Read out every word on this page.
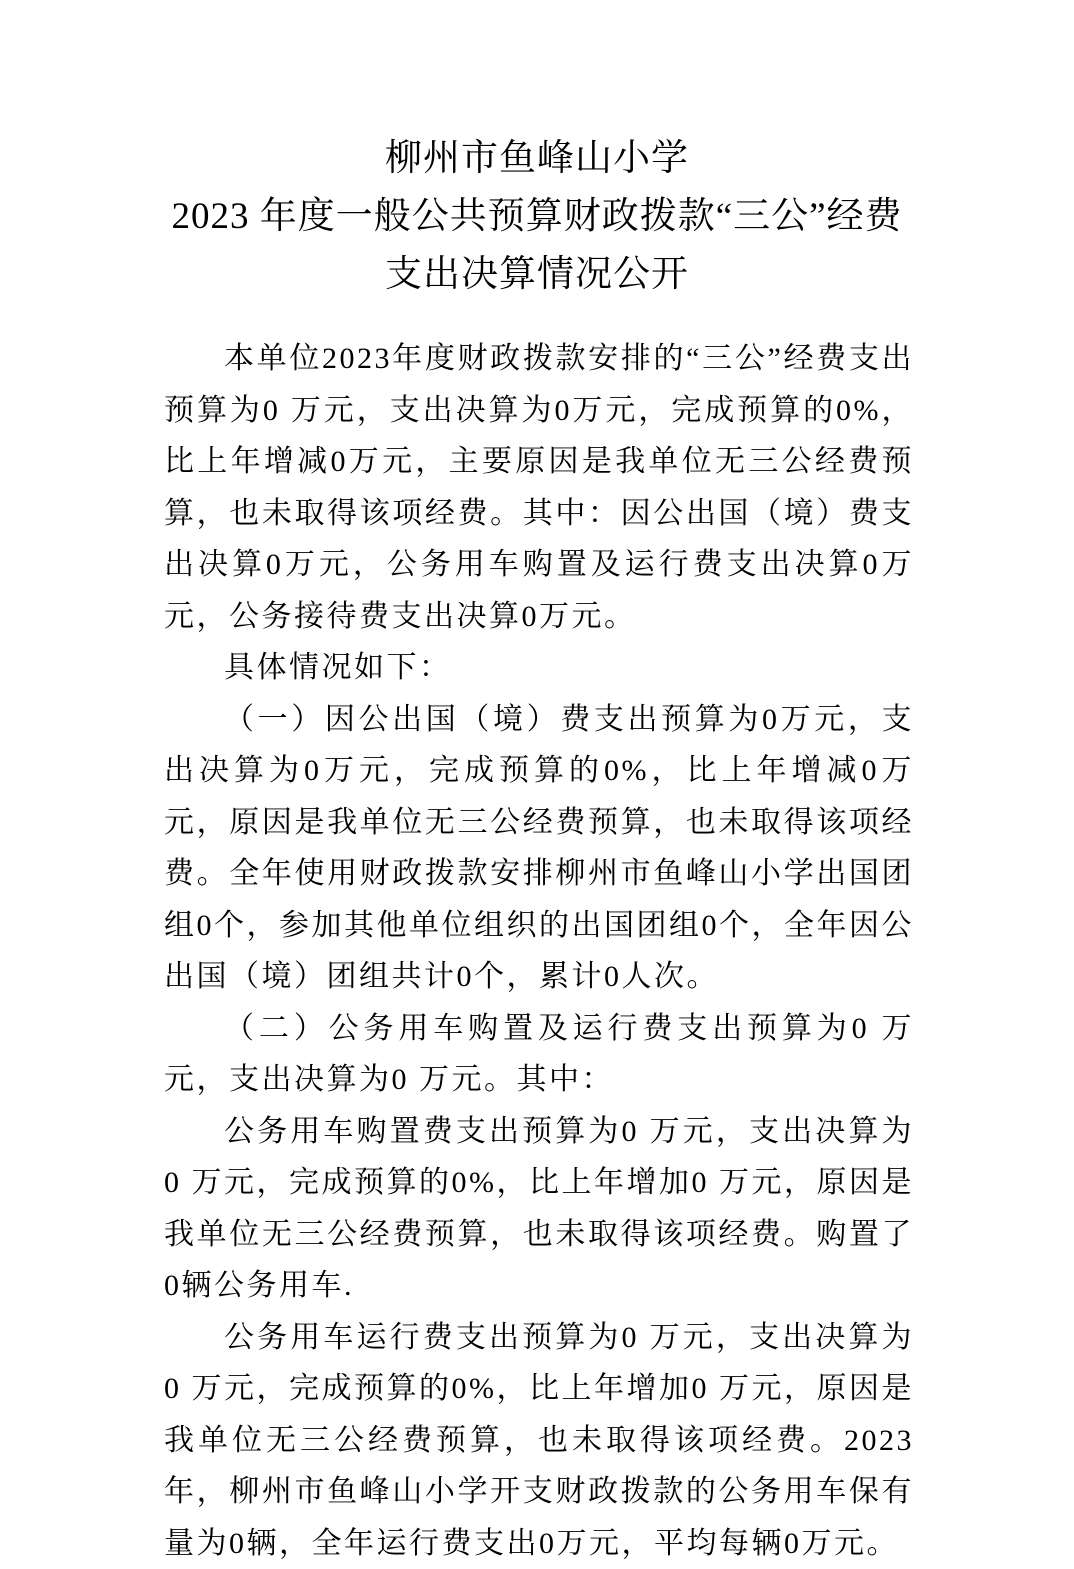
柳州市鱼峰山小学
2023 年度一般公共预算财政拨款“三公”经费
支出决算情况公开

本单位2023年度财政拨款安排的“三公”经费支出预算为0 万元，支出决算为0万元，完成预算的0%，比上年增减0万元，主要原因是我单位无三公经费预算，也未取得该项经费。其中：因公出国（境）费支出决算0万元，公务用车购置及运行费支出决算0万元，公务接待费支出决算0万元。

具体情况如下：

（一）因公出国（境）费支出预算为0万元，支出决算为0万元，完成预算的0%，比上年增减0万元，原因是我单位无三公经费预算，也未取得该项经费。全年使用财政拨款安排柳州市鱼峰山小学出国团组0个，参加其他单位组织的出国团组0个，全年因公出国（境）团组共计0个，累计0人次。

（二）公务用车购置及运行费支出预算为0 万元，支出决算为0 万元。其中：

公务用车购置费支出预算为0 万元，支出决算为0 万元，完成预算的0%，比上年增加0 万元，原因是我单位无三公经费预算，也未取得该项经费。购置了0辆公务用车.

公务用车运行费支出预算为0 万元，支出决算为0 万元，完成预算的0%，比上年增加0 万元，原因是我单位无三公经费预算，也未取得该项经费。2023年，柳州市鱼峰山小学开支财政拨款的公务用车保有量为0辆，全年运行费支出0万元，平均每辆0万元。
